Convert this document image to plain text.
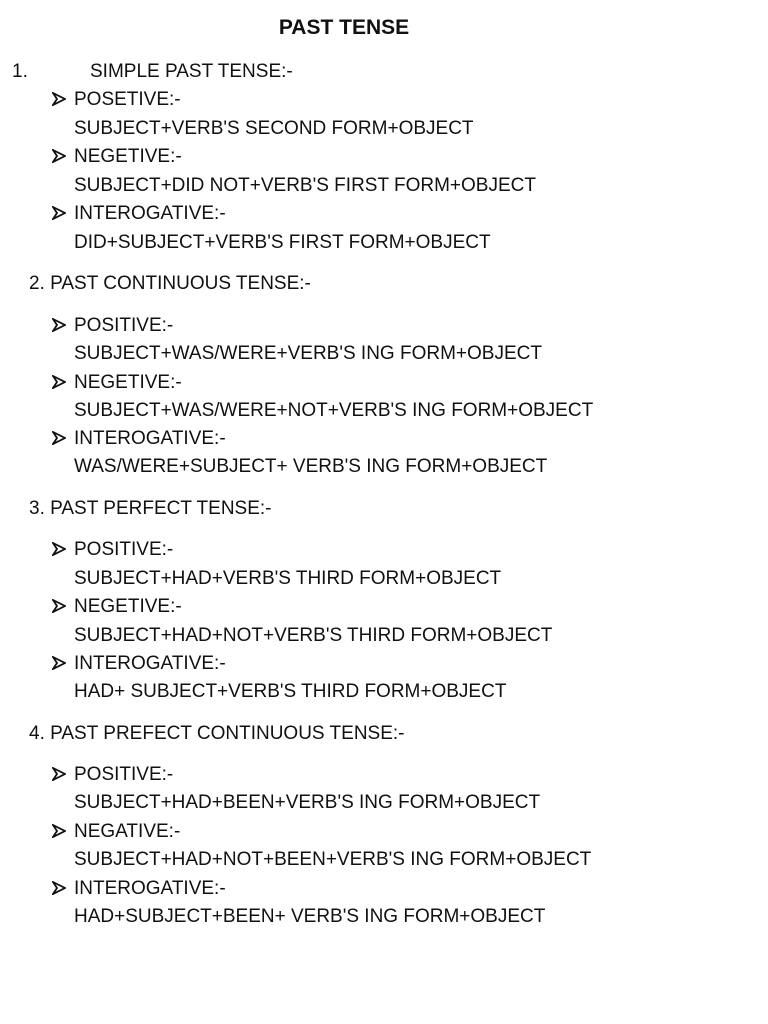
PAST TENSE
1.	SIMPLE PAST TENSE:-
POSETIVE:-
SUBJECT+VERB'S SECOND FORM+OBJECT
NEGETIVE:-
SUBJECT+DID NOT+VERB'S FIRST FORM+OBJECT
INTEROGATIVE:-
DID+SUBJECT+VERB'S FIRST FORM+OBJECT
2. PAST CONTINUOUS TENSE:-
POSITIVE:-
SUBJECT+WAS/WERE+VERB'S ING FORM+OBJECT
NEGETIVE:-
SUBJECT+WAS/WERE+NOT+VERB'S ING FORM+OBJECT
INTEROGATIVE:-
WAS/WERE+SUBJECT+ VERB'S ING FORM+OBJECT
3. PAST PERFECT TENSE:-
POSITIVE:-
SUBJECT+HAD+VERB'S THIRD FORM+OBJECT
NEGETIVE:-
SUBJECT+HAD+NOT+VERB'S THIRD FORM+OBJECT
INTEROGATIVE:-
HAD+ SUBJECT+VERB'S THIRD FORM+OBJECT
4. PAST PREFECT CONTINUOUS TENSE:-
POSITIVE:-
SUBJECT+HAD+BEEN+VERB'S ING FORM+OBJECT
NEGATIVE:-
SUBJECT+HAD+NOT+BEEN+VERB'S ING FORM+OBJECT
INTEROGATIVE:-
HAD+SUBJECT+BEEN+ VERB'S ING FORM+OBJECT
